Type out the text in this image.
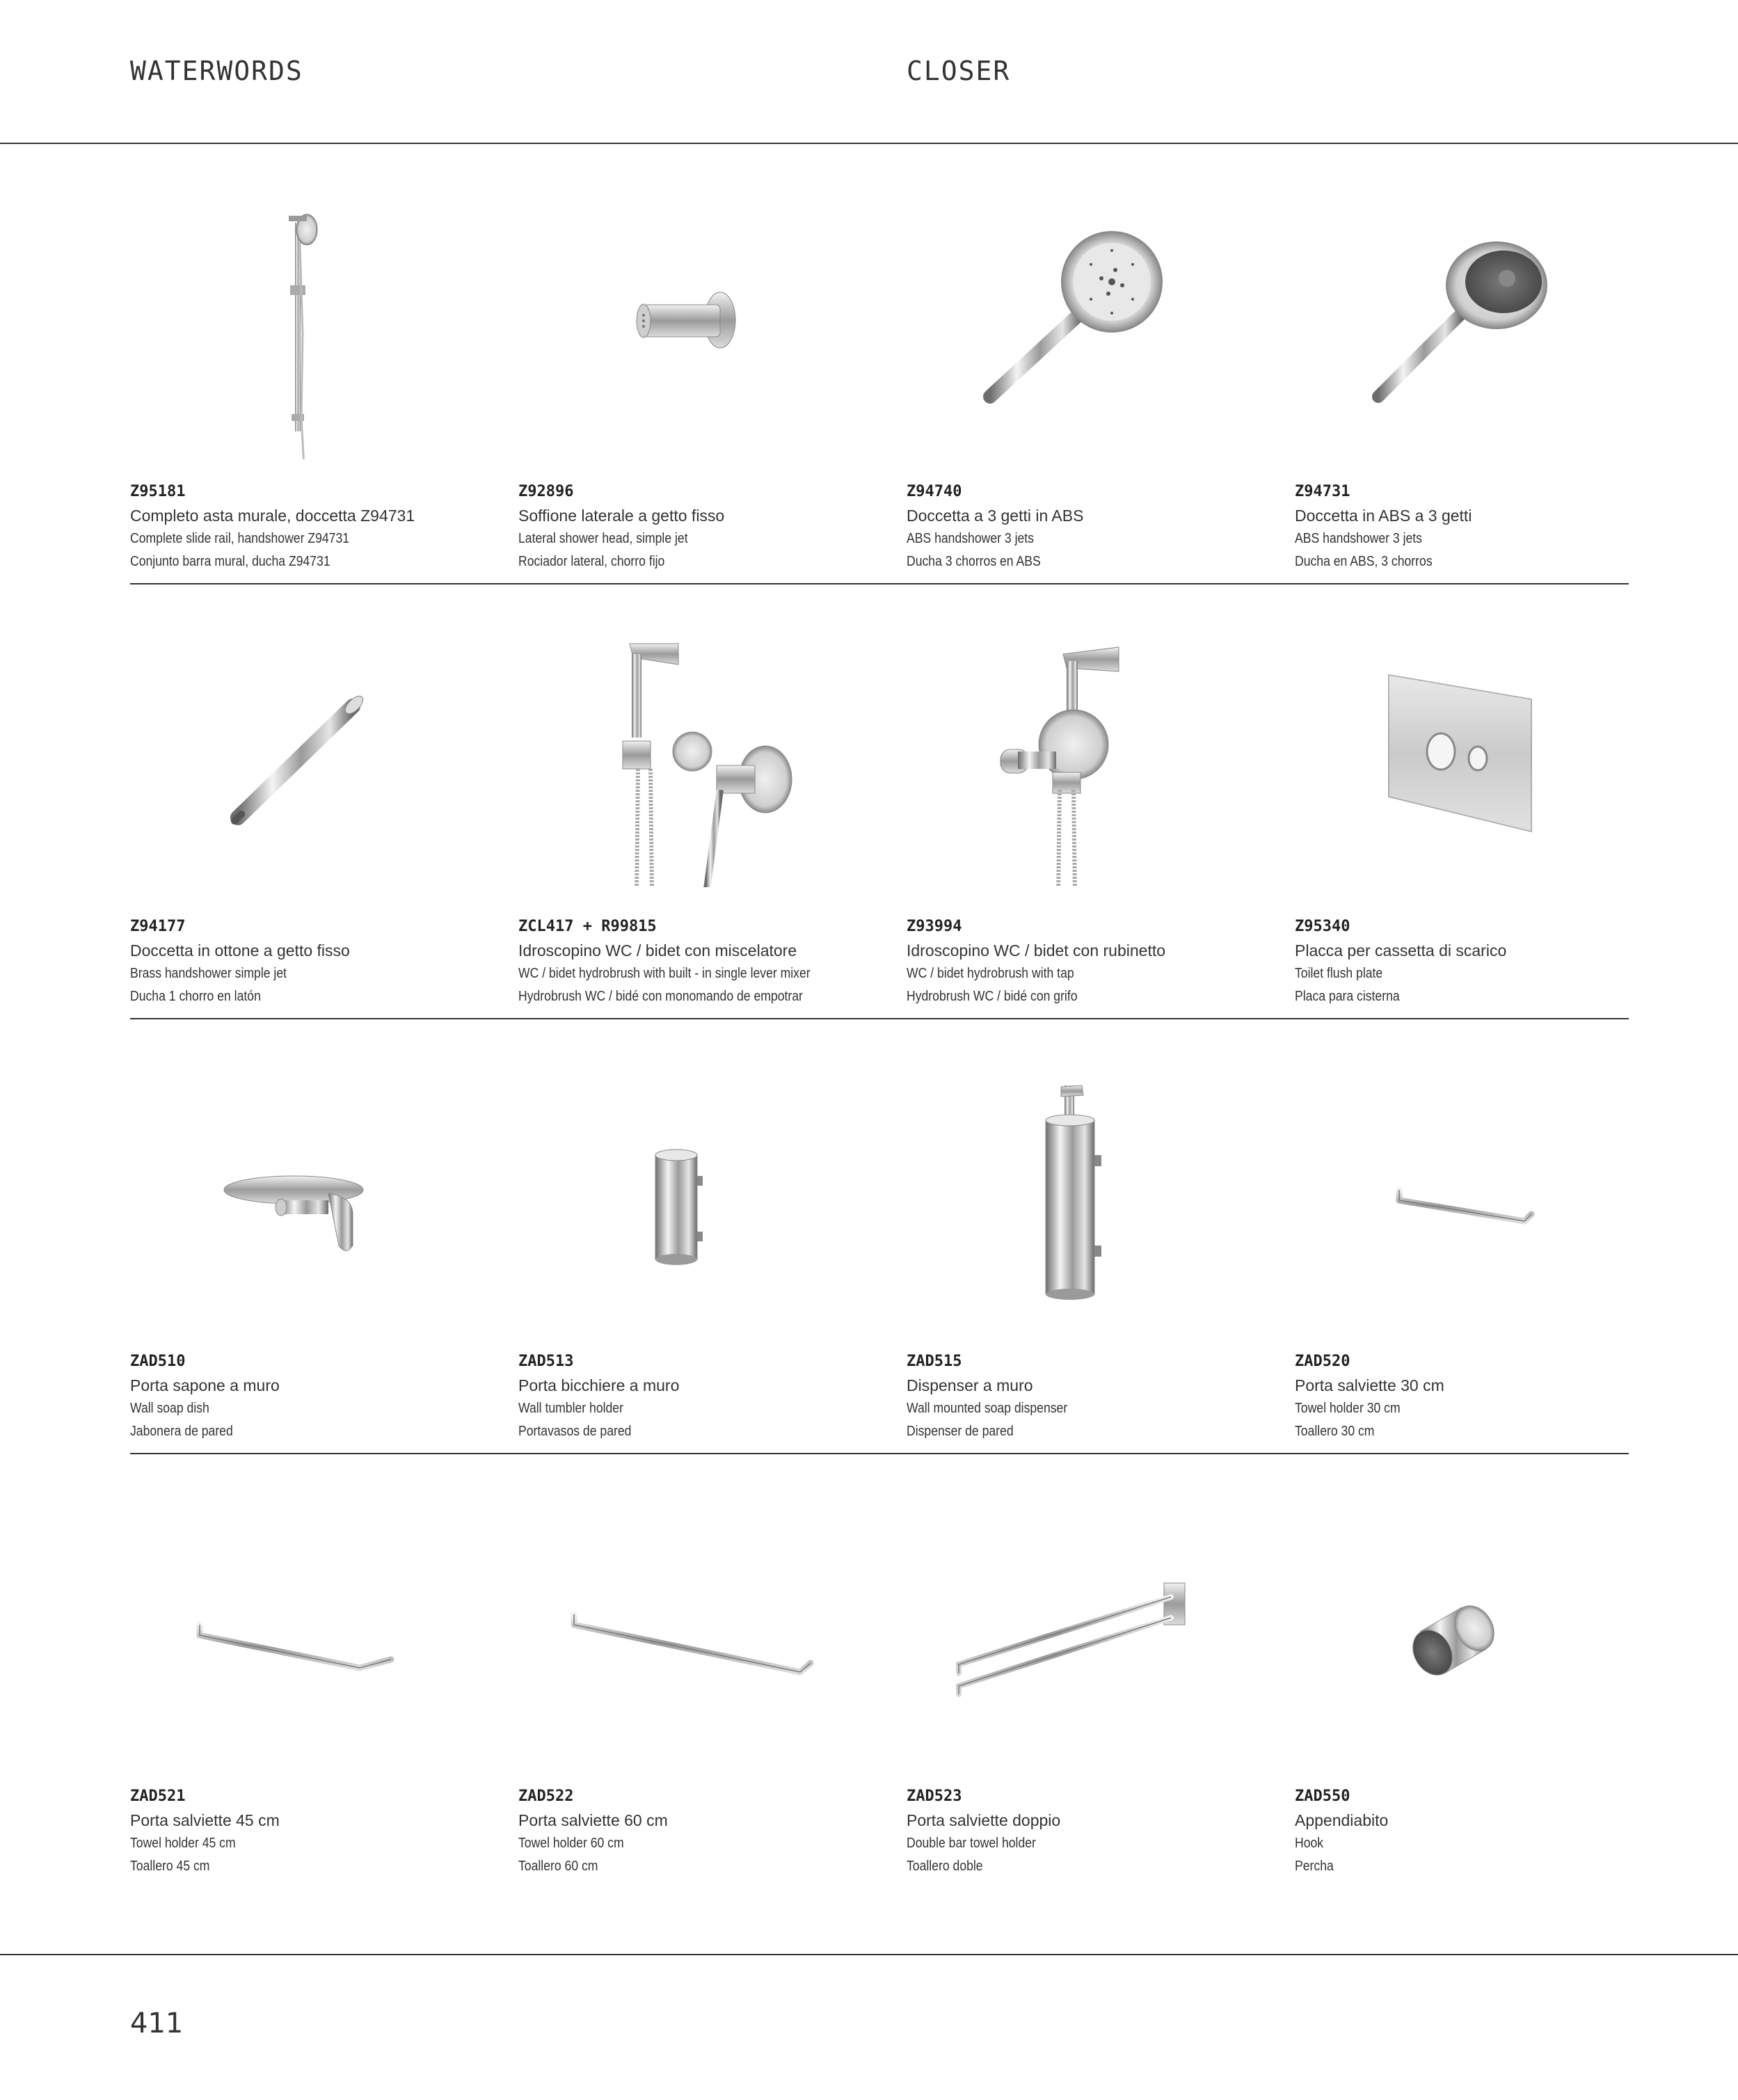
WATERWORDS	CLOSER
Z95181
Completo asta murale, doccetta Z94731
Complete slide rail, handshower Z94731
Conjunto barra mural, ducha Z94731
Z92896
Soffione laterale a getto fisso
Lateral shower head, simple jet
Rociador lateral, chorro fijo
Z94740
Doccetta a 3 getti in ABS
ABS handshower 3 jets
Ducha 3 chorros en ABS
Z94731
Doccetta in ABS a 3 getti
ABS handshower 3 jets
Ducha en ABS, 3 chorros
Z94177
Doccetta in ottone a getto fisso
Brass handshower simple jet
Ducha 1 chorro en latón
ZCL417 + R99815
Idroscopino WC / bidet con miscelatore
WC / bidet hydrobrush with built - in single lever mixer
Hydrobrush WC / bidé con monomando de empotrar
Z93994
Idroscopino WC / bidet con rubinetto
WC / bidet hydrobrush with tap
Hydrobrush WC / bidé con grifo
Z95340
Placca per cassetta di scarico
Toilet flush plate
Placa para cisterna
ZAD510
Porta sapone a muro
Wall soap dish
Jabonera de pared
ZAD513
Porta bicchiere a muro
Wall tumbler holder
Portavasos de pared
ZAD515
Dispenser a muro
Wall mounted soap dispenser
Dispenser de pared
ZAD520
Porta salviette 30 cm
Towel holder 30 cm
Toallero 30 cm
ZAD521
Porta salviette 45 cm
Towel holder 45 cm
Toallero 45 cm
ZAD522
Porta salviette 60 cm
Towel holder 60 cm
Toallero 60 cm
ZAD523
Porta salviette doppio
Double bar towel holder
Toallero doble
ZAD550
Appendiabito
Hook
Percha
411
